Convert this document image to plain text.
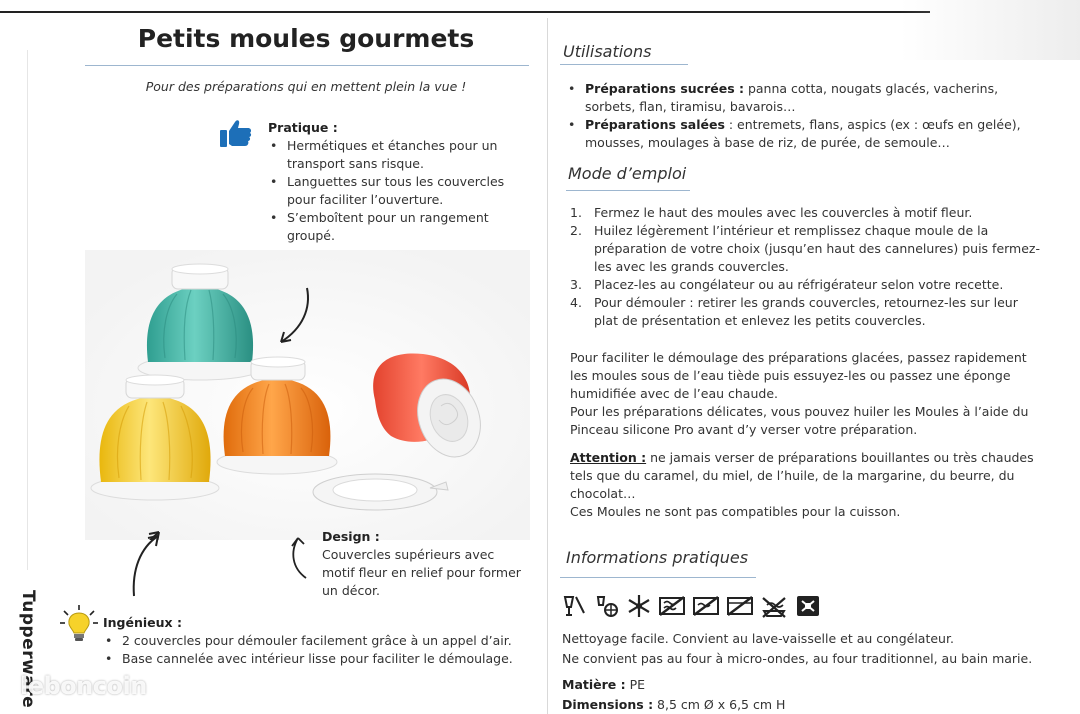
Petits moules gourmets
Pour des préparations qui en mettent plein la vue !
Pratique :
• Hermétiques et étanches pour un transport sans risque.
• Languettes sur tous les couvercles pour faciliter l’ouverture.
• S’emboîtent pour un rangement groupé.
Design :
Couvercles supérieurs avec motif fleur en relief pour former un décor.
Ingénieux :
• 2 couvercles pour démouler facilement grâce à un appel d’air.
• Base cannelée avec intérieur lisse pour faciliter le démoulage.
Tupperware
leboncoin
Utilisations
• Préparations sucrées : panna cotta, nougats glacés, vacherins, sorbets, flan, tiramisu, bavarois…
• Préparations salées : entremets, flans, aspics (ex : œufs en gelée), mousses, moulages à base de riz, de purée, de semoule…
Mode d’emploi
1. Fermez le haut des moules avec les couvercles à motif fleur.
2. Huilez légèrement l’intérieur et remplissez chaque moule de la préparation de votre choix (jusqu’en haut des cannelures) puis fermez-les avec les grands couvercles.
3. Placez-les au congélateur ou au réfrigérateur selon votre recette.
4. Pour démouler : retirer les grands couvercles, retournez-les sur leur plat de présentation et enlevez les petits couvercles.
Pour faciliter le démoulage des préparations glacées, passez rapidement les moules sous de l’eau tiède puis essuyez-les ou passez une éponge humidifiée avec de l’eau chaude.
Pour les préparations délicates, vous pouvez huiler les Moules à l’aide du Pinceau silicone Pro avant d’y verser votre préparation.
Attention : ne jamais verser de préparations bouillantes ou très chaudes tels que du caramel, du miel, de l’huile, de la margarine, du beurre, du chocolat…
Ces Moules ne sont pas compatibles pour la cuisson.
Informations pratiques
Nettoyage facile. Convient au lave-vaisselle et au congélateur.
Ne convient pas au four à micro-ondes, au four traditionnel, au bain marie.
Matière : PE
Dimensions : 8,5 cm Ø x 6,5 cm H
